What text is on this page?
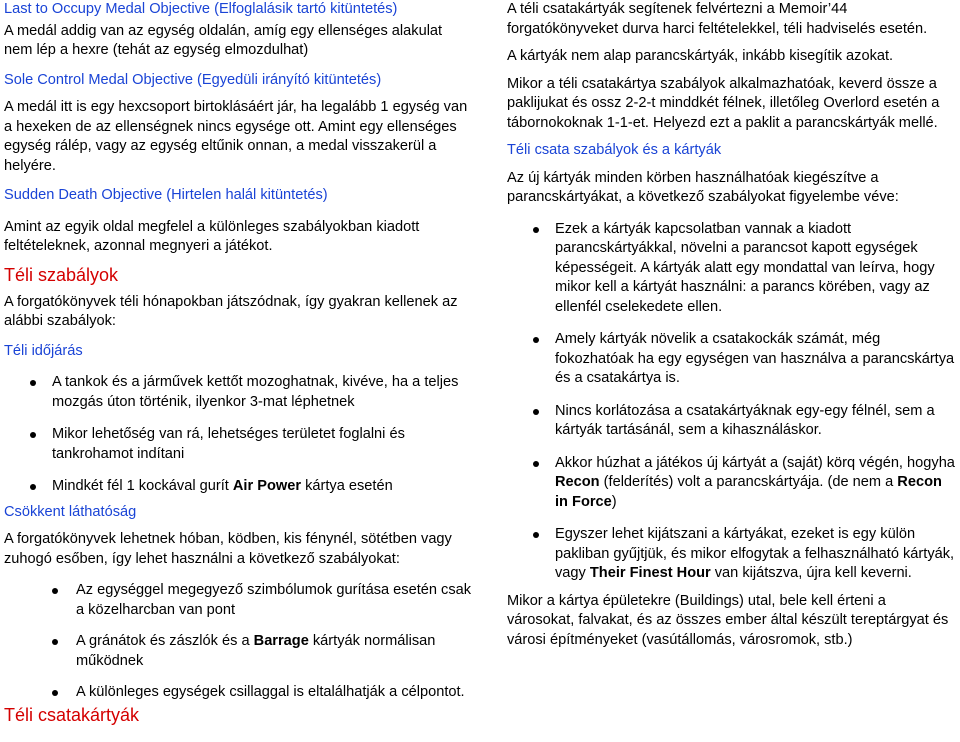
Last to Occupy Medal Objective (Elfoglalásik tartó kitüntetés)

A medál addig van az egység oldalán, amíg egy ellenséges alakulat nem lép a hexre (tehát az egység elmozdulhat)

Sole Control Medal Objective (Egyedüli irányító kitüntetés)

A medál itt is egy hexcsoport birtoklásáért jár, ha legalább 1 egység van a hexeken de az ellenségnek nincs egysége ott. Amint egy ellenséges egység rálép, vagy az egység eltűnik onnan, a medal visszakerül a helyére.

Sudden Death Objective (Hirtelen halál kitüntetés)

Amint az egyik oldal megfelel a különleges szabályokban kiadott feltételeknek, azonnal megnyeri a játékot.

Téli szabályok

A forgatókönyvek téli hónapokban játszódnak, így gyakran kellenek az alábbi szabályok:

Téli időjárás

A tankok és a járművek kettőt mozoghatnak, kivéve, ha a teljes mozgás úton történik, ilyenkor 3-mat léphetnek
Mikor lehetőség van rá, lehetséges területet foglalni és tankrohamot indítani
Mindkét fél 1 kockával gurít Air Power kártya esetén

Csökkent láthatóság

A forgatókönyvek lehetnek hóban, ködben, kis fénynél, sötétben vagy zuhogó esőben, így lehet használni a következő szabályokat:

Az egységgel megegyező szimbólumok gurítása esetén csak a közelharcban van pont
A gránátok és zászlók és a Barrage kártyák normálisan működnek
A különleges egységek csillaggal is eltalálhatják a célpontot.

Téli csatakártyák

A téli csatakártyák segítenek felvértezni a Memoir’44 forgatókönyveket durva harci feltételekkel, téli hadviselés esetén.

A kártyák nem alap parancskártyák, inkább kisegítik azokat.

Mikor a téli csatakártya szabályok alkalmazhatóak, keverd össze a paklijukat és ossz 2-2-t minddkét félnek, illetőleg Overlord esetén a tábornokoknak 1-1-et. Helyezd ezt a paklit a parancskártyák mellé.

Téli csata szabályok és a kártyák

Az új kártyák minden körben használhatóak kiegészítve a parancskártyákat, a következő szabályokat figyelembe véve:

Ezek a kártyák kapcsolatban vannak a kiadott parancskártyákkal, növelni a parancsot kapott egységek képességeit. A kártyák alatt egy mondattal van leírva, hogy mikor kell a kártyát használni: a parancs körében, vagy az ellenfél cselekedete ellen.
Amely kártyák növelik a csatakockák számát, még fokozhatóak ha egy egységen van használva a parancskártya és a csatakártya is.
Nincs korlátozása a csatakártyáknak egy-egy félnél, sem a kártyák tartásánál, sem a kihasználáskor.
Akkor húzhat a játékos új kártyát a (saját) körq végén, hogyha Recon (felderítés) volt a parancskártyája. (de nem a Recon in Force)
Egyszer lehet kijátszani a kártyákat, ezeket is egy külön pakliban gyűjtjük, és mikor elfogytak a felhasználható kártyák, vagy Their Finest Hour van kijátszva, újra kell keverni.

Mikor a kártya épületekre (Buildings) utal, bele kell érteni a városokat, falvakat, és az összes ember által készült tereptárgyat és városi építményeket (vasútállomás, városromok, stb.)
